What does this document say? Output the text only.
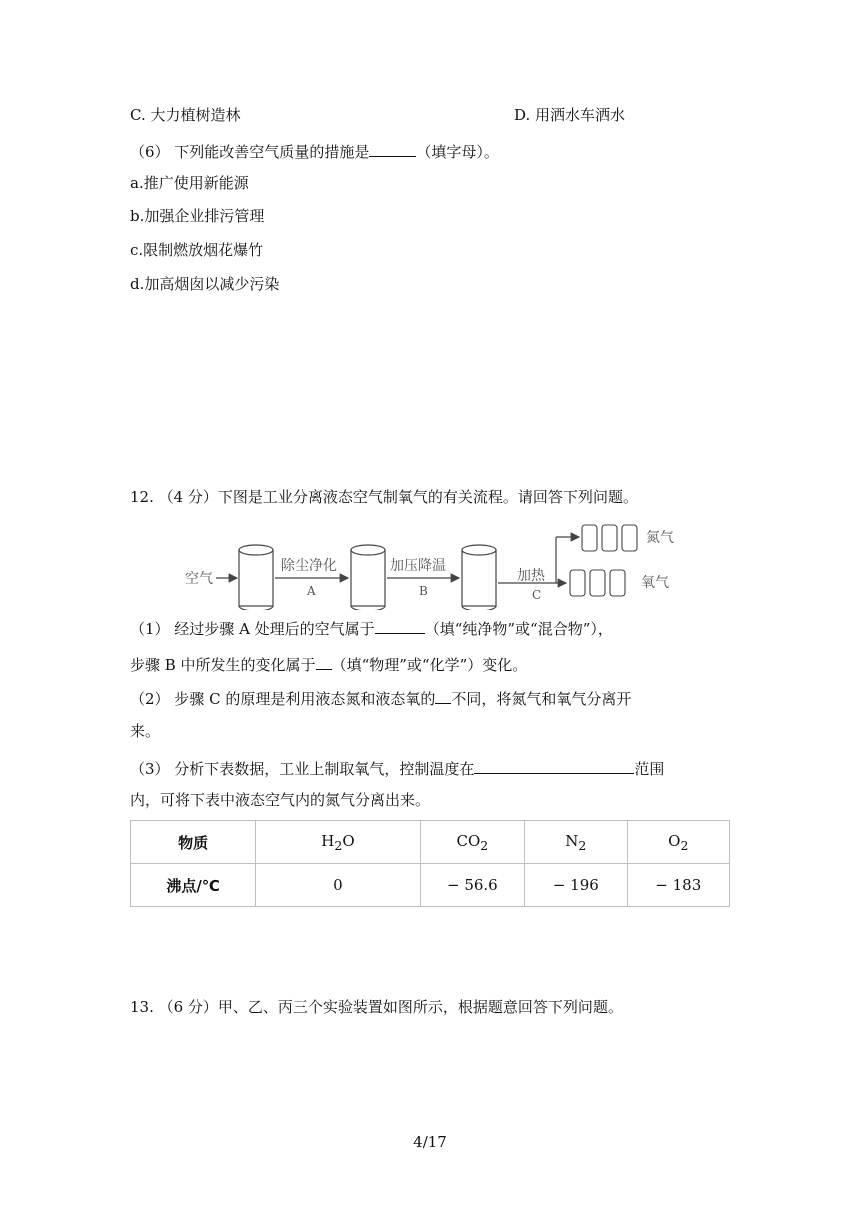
C. 大力植树造林	D. 用洒水车洒水
（6） 下列能改善空气质量的措施是	（填字母）。
a.推广使用新能源
b.加强企业排污管理
c.限制燃放烟花爆竹
d.加高烟囱以减少污染
12. （4 分）下图是工业分离液态空气制氧气的有关流程。请回答下列问题。
空气
除尘净化
A
加压降温
B
加热
C
氮气
氧气
（1） 经过步骤 A 处理后的空气属于	（填“纯净物”或“混合物”），
步骤 B 中所发生的变化属于 （填“物理”或“化学”）变化。
（2） 步骤 C 的原理是利用液态氮和液态氧的 不同，将氮气和氧气分离开
来。
（3） 分析下表数据，工业上制取氧气，控制温度在	范围
内，可将下表中液态空气内的氮气分离出来。
物质	$H_2O$	$CO_2$	$N_2$	$O_2$
沸点/℃	0	− 56.6	− 196	− 183
13. （6 分）甲、乙、丙三个实验装置如图所示，根据题意回答下列问题。
4/17
